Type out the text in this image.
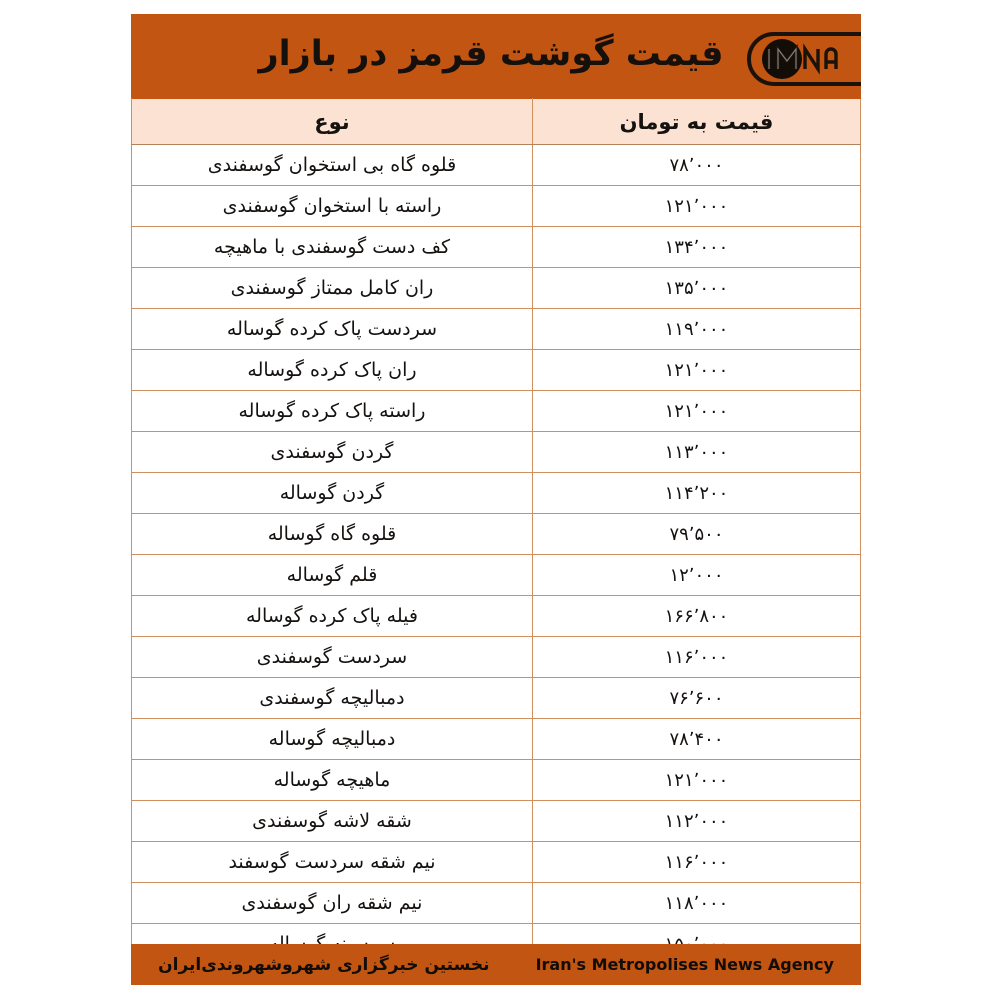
قیمت گوشت قرمز در بازار
قیمت به تومان	نوع
۷۸٬۰۰۰	قلوه گاه بی استخوان گوسفندی
۱۲۱٬۰۰۰	راسته با استخوان گوسفندی
۱۳۴٬۰۰۰	کف دست گوسفندی با ماهیچه
۱۳۵٬۰۰۰	ران کامل ممتاز گوسفندی
۱۱۹٬۰۰۰	سردست پاک کرده گوساله
۱۲۱٬۰۰۰	ران پاک کرده گوساله
۱۲۱٬۰۰۰	راسته پاک کرده گوساله
۱۱۳٬۰۰۰	گردن گوسفندی
۱۱۴٬۲۰۰	گردن گوساله
۷۹٬۵۰۰	قلوه گاه گوساله
۱۲٬۰۰۰	قلم گوساله
۱۶۶٬۸۰۰	فیله پاک کرده گوساله
۱۱۶٬۰۰۰	سردست گوسفندی
۷۶٬۶۰۰	دمبالیچه گوسفندی
۷۸٬۴۰۰	دمبالیچه گوساله
۱۲۱٬۰۰۰	ماهیچه گوساله
۱۱۲٬۰۰۰	شقه لاشه گوسفندی
۱۱۶٬۰۰۰	نیم شقه سردست گوسفند
۱۱۸٬۰۰۰	نیم شقه ران گوسفندی

Iran's Metropolises News Agency
نخستین خبرگزاری شهروشهروندی‌ایران
